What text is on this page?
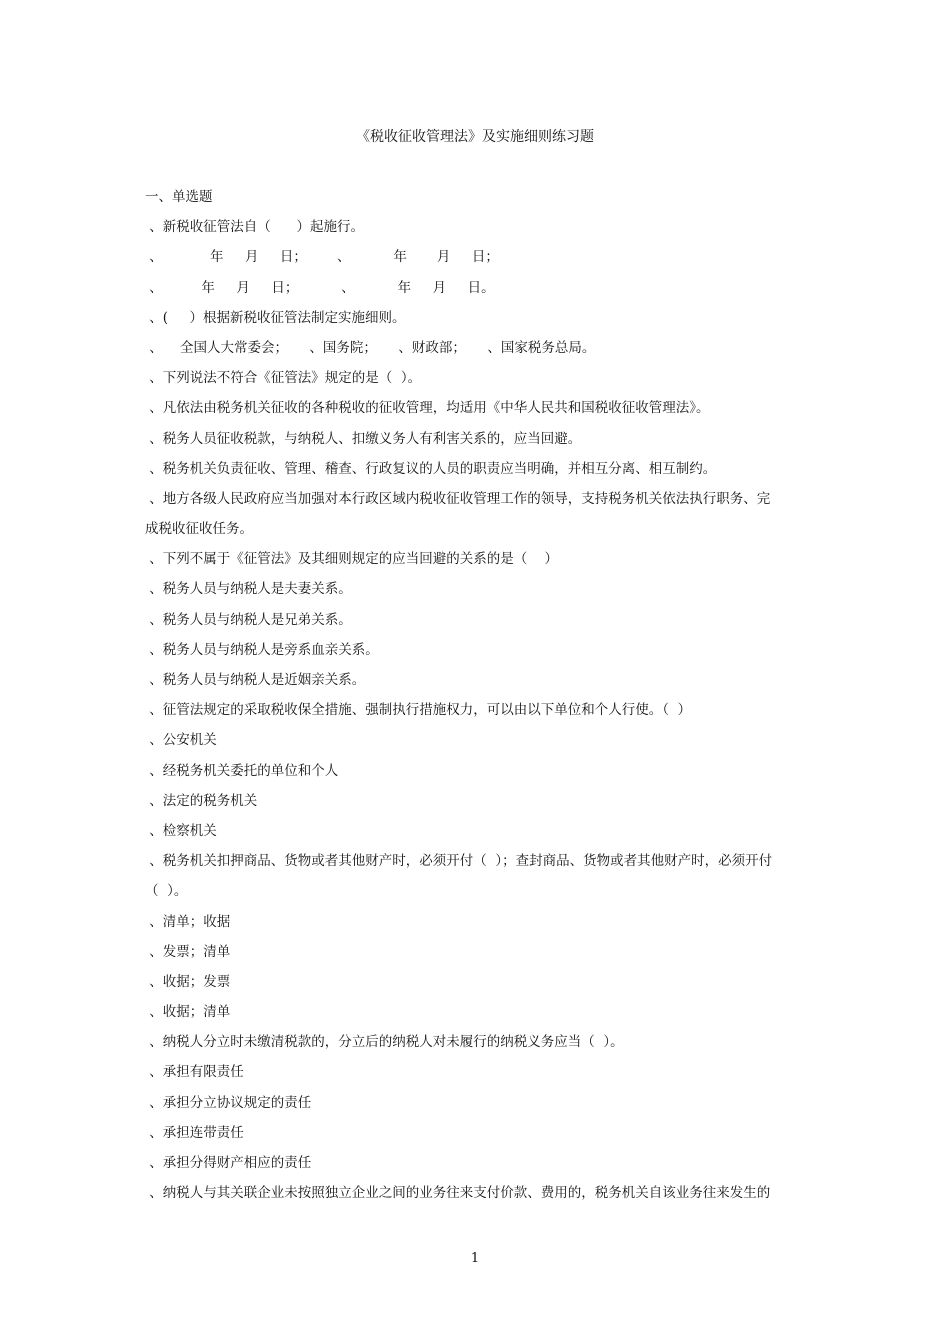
《税收征收管理法》及实施细则练习题
一、单选题
、新税收征管法自（      ）起施行。
、           年     月     日；       、          年       月     日；
、         年     月     日；          、          年     月     日。
、(     ）根据新税收征管法制定实施细则。
、    全国人大常委会；     、国务院；     、财政部；     、国家税务总局。
、下列说法不符合《征管法》规定的是（  ）。
、凡依法由税务机关征收的各种税收的征收管理，均适用《中华人民共和国税收征收管理法》。
、税务人员征收税款，与纳税人、扣缴义务人有利害关系的，应当回避。
、税务机关负责征收、管理、稽查、行政复议的人员的职责应当明确，并相互分离、相互制约。
、地方各级人民政府应当加强对本行政区域内税收征收管理工作的领导，支持税务机关依法执行职务、完
成税收征收任务。
、下列不属于《征管法》及其细则规定的应当回避的关系的是（    ）
、税务人员与纳税人是夫妻关系。
、税务人员与纳税人是兄弟关系。
、税务人员与纳税人是旁系血亲关系。
、税务人员与纳税人是近姻亲关系。
、征管法规定的采取税收保全措施、强制执行措施权力，可以由以下单位和个人行使。（  ）
、公安机关
、经税务机关委托的单位和个人
、法定的税务机关
、检察机关
、税务机关扣押商品、货物或者其他财产时，必须开付（  ）；查封商品、货物或者其他财产时，必须开付
（  ）。
、清单；收据
、发票；清单
、收据；发票
、收据；清单
、纳税人分立时未缴清税款的，分立后的纳税人对未履行的纳税义务应当（  ）。
、承担有限责任
、承担分立协议规定的责任
、承担连带责任
、承担分得财产相应的责任
、纳税人与其关联企业未按照独立企业之间的业务往来支付价款、费用的，税务机关自该业务往来发生的
1
